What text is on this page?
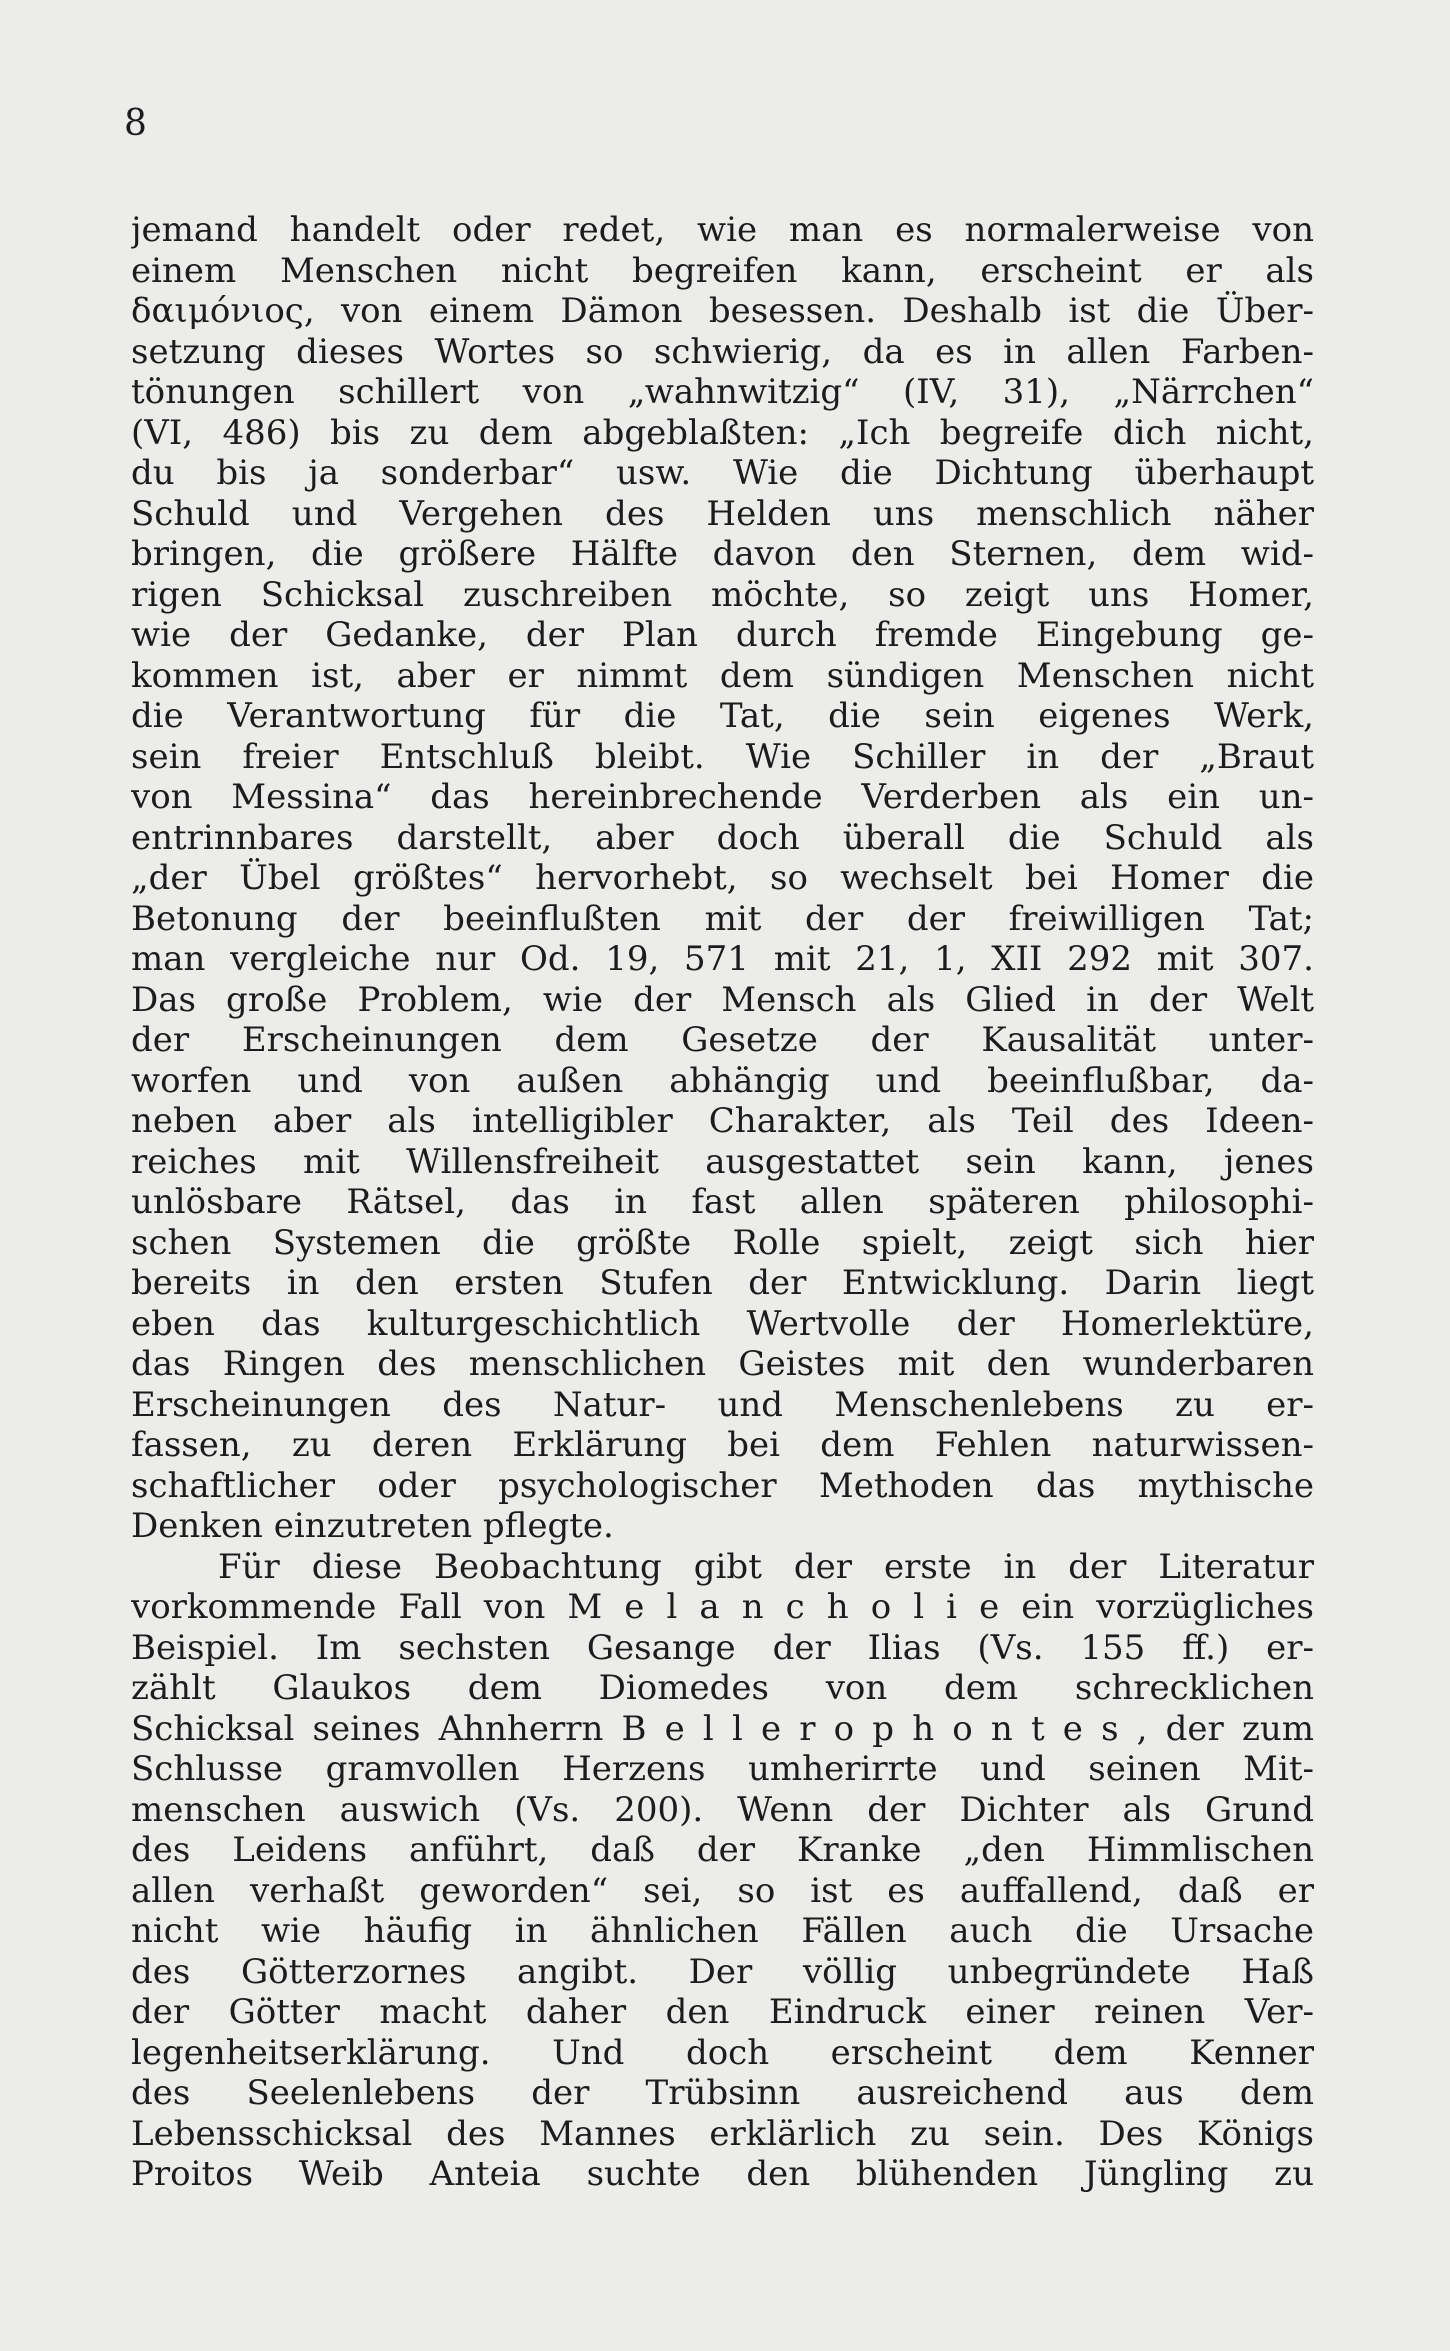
8
jemand handelt oder redet, wie man es normalerweise von
einem Menschen nicht begreifen kann, erscheint er als
δαιμόνιος, von einem Dämon besessen. Deshalb ist die Über-
setzung dieses Wortes so schwierig, da es in allen Farben-
tönungen schillert von „wahnwitzig“ (IV, 31), „Närrchen“
(VI, 486) bis zu dem abgeblaßten: „Ich begreife dich nicht,
du bis ja sonderbar“ usw. Wie die Dichtung überhaupt
Schuld und Vergehen des Helden uns menschlich näher
bringen, die größere Hälfte davon den Sternen, dem wid-
rigen Schicksal zuschreiben möchte, so zeigt uns Homer,
wie der Gedanke, der Plan durch fremde Eingebung ge-
kommen ist, aber er nimmt dem sündigen Menschen nicht
die Verantwortung für die Tat, die sein eigenes Werk,
sein freier Entschluß bleibt. Wie Schiller in der „Braut
von Messina“ das hereinbrechende Verderben als ein un-
entrinnbares darstellt, aber doch überall die Schuld als
„der Übel größtes“ hervorhebt, so wechselt bei Homer die
Betonung der beeinflußten mit der der freiwilligen Tat;
man vergleiche nur Od. 19, 571 mit 21, 1, XII 292 mit 307.
Das große Problem, wie der Mensch als Glied in der Welt
der Erscheinungen dem Gesetze der Kausalität unter-
worfen und von außen abhängig und beeinflußbar, da-
neben aber als intelligibler Charakter, als Teil des Ideen-
reiches mit Willensfreiheit ausgestattet sein kann, jenes
unlösbare Rätsel, das in fast allen späteren philosophi-
schen Systemen die größte Rolle spielt, zeigt sich hier
bereits in den ersten Stufen der Entwicklung. Darin liegt
eben das kulturgeschichtlich Wertvolle der Homerlektüre,
das Ringen des menschlichen Geistes mit den wunderbaren
Erscheinungen des Natur- und Menschenlebens zu er-
fassen, zu deren Erklärung bei dem Fehlen naturwissen-
schaftlicher oder psychologischer Methoden das mythische
Denken einzutreten pflegte.
Für diese Beobachtung gibt der erste in der Literatur
vorkommende Fall von M e l a n c h o l i e ein vorzügliches
Beispiel. Im sechsten Gesange der Ilias (Vs. 155 ff.) er-
zählt Glaukos dem Diomedes von dem schrecklichen
Schicksal seines Ahnherrn B e l l e r o p h o n t e s , der zum
Schlusse gramvollen Herzens umherirrte und seinen Mit-
menschen auswich (Vs. 200). Wenn der Dichter als Grund
des Leidens anführt, daß der Kranke „den Himmlischen
allen verhaßt geworden“ sei, so ist es auffallend, daß er
nicht wie häufig in ähnlichen Fällen auch die Ursache
des Götterzornes angibt. Der völlig unbegründete Haß
der Götter macht daher den Eindruck einer reinen Ver-
legenheitserklärung. Und doch erscheint dem Kenner
des Seelenlebens der Trübsinn ausreichend aus dem
Lebensschicksal des Mannes erklärlich zu sein. Des Königs
Proitos Weib Anteia suchte den blühenden Jüngling zu
